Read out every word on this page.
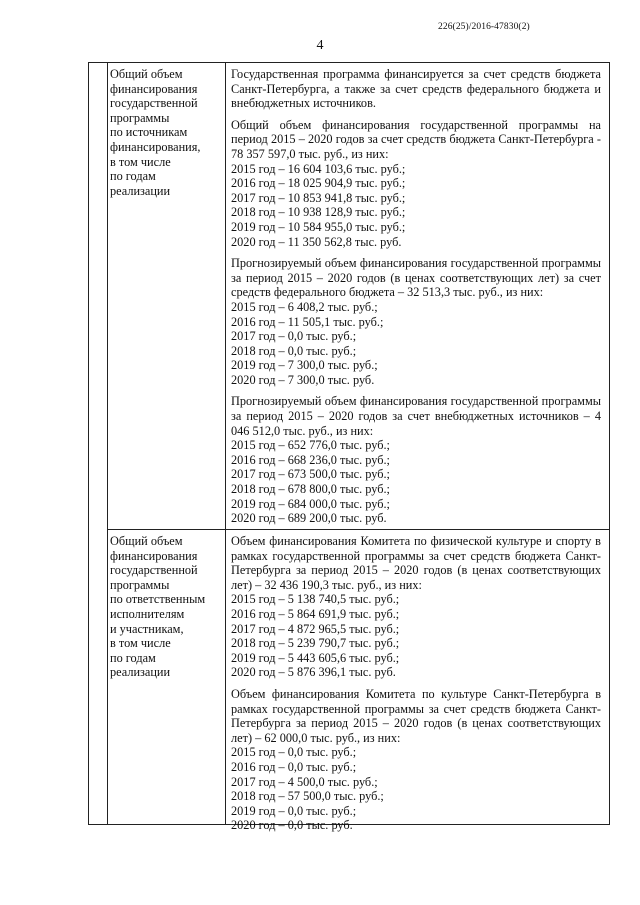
226(25)/2016-47830(2)
4
Общий объем
финансирования
государственной
программы
по источникам
финансирования,
в том числе
по годам
реализации

Государственная программа финансируется за счет средств бюджета Санкт-Петербурга, а также за счет средств федерального бюджета и внебюджетных источников.

Общий объем финансирования государственной программы на период 2015 – 2020 годов за счет средств бюджета Санкт-Петербурга - 78 357 597,0 тыс. руб., из них:

2015 год – 16 604 103,6 тыс. руб.;

2016 год – 18 025 904,9 тыс. руб.;

2017 год – 10 853 941,8 тыс. руб.;

2018 год – 10 938 128,9 тыс. руб.;

2019 год – 10 584 955,0 тыс. руб.;

2020 год – 11 350 562,8 тыс. руб.

Прогнозируемый объем финансирования государственной программы за период 2015 – 2020 годов (в ценах соответствующих лет) за счет средств федерального бюджета – 32 513,3 тыс. руб., из них:

2015 год – 6 408,2 тыс. руб.;

2016 год – 11 505,1 тыс. руб.;

2017 год – 0,0 тыс. руб.;

2018 год – 0,0 тыс. руб.;

2019 год – 7 300,0 тыс. руб.;

2020 год – 7 300,0 тыс. руб.

Прогнозируемый объем финансирования государственной программы за период 2015 – 2020 годов за счет внебюджетных источников – 4 046 512,0 тыс. руб., из них:

2015 год – 652 776,0 тыс. руб.;

2016 год – 668 236,0 тыс. руб.;

2017 год – 673 500,0 тыс. руб.;

2018 год – 678 800,0 тыс. руб.;

2019 год – 684 000,0 тыс. руб.;

2020 год – 689 200,0 тыс. руб.

Общий объем
финансирования
государственной
программы
по ответственным
исполнителям
и участникам,
в том числе
по годам
реализации

Объем финансирования Комитета по физической культуре и спорту в рамках государственной программы за счет средств бюджета Санкт-Петербурга за период 2015 – 2020 годов (в ценах соответствующих лет) – 32 436 190,3 тыс. руб., из них:

2015 год – 5 138 740,5 тыс. руб.;

2016 год – 5 864 691,9 тыс. руб.;

2017 год – 4 872 965,5 тыс. руб.;

2018 год – 5 239 790,7 тыс. руб.;

2019 год – 5 443 605,6 тыс. руб.;

2020 год – 5 876 396,1 тыс. руб.

Объем финансирования Комитета по культуре Санкт-Петербурга в рамках государственной программы за счет средств бюджета Санкт-Петербурга за период 2015 – 2020 годов (в ценах соответствующих лет) – 62 000,0 тыс. руб., из них:

2015 год – 0,0 тыс. руб.;

2016 год – 0,0 тыс. руб.;

2017 год – 4 500,0 тыс. руб.;

2018 год – 57 500,0 тыс. руб.;

2019 год – 0,0 тыс. руб.;

2020 год – 0,0 тыс. руб.
